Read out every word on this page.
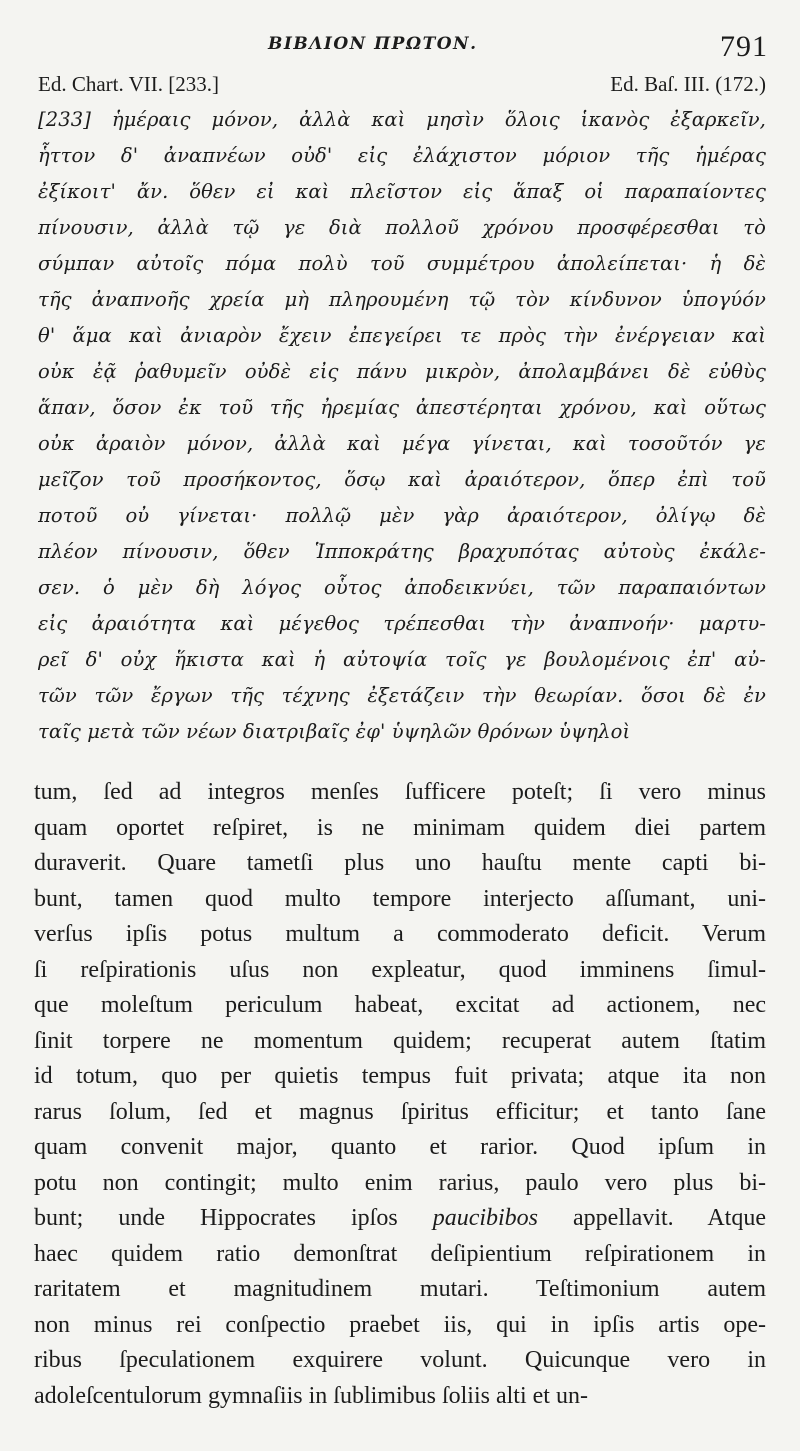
ΒΙΒΛΙΟΝ ΠΡΩΤΟΝ.	791
Ed. Chart. VII. [233.]	Ed. Baſ. III. (172.)
[233] ἡμέραις μόνον, ἀλλὰ καὶ μησὶν ὅλοις ἱκανὸς ἐξαρκεῖν,
ἧττον δ' ἀναπνέων οὐδ' εἰς ἐλάχιστον μόριον τῆς ἡμέρας
ἐξίκοιτ' ἄν. ὅθεν εἰ καὶ πλεῖστον εἰς ἅπαξ οἱ παραπαίοντες
πίνουσιν, ἀλλὰ τῷ γε διὰ πολλοῦ χρόνου προσφέρεσθαι τὸ
σύμπαν αὐτοῖς πόμα πολὺ τοῦ συμμέτρου ἀπολείπεται· ἡ δὲ
τῆς ἀναπνοῆς χρεία μὴ πληρουμένη τῷ τὸν κίνδυνον ὑπογύόν
θ' ἅμα καὶ ἀνιαρὸν ἔχειν ἐπεγείρει τε πρὸς τὴν ἐνέργειαν καὶ
οὐκ ἐᾷ ῥαθυμεῖν οὐδὲ εἰς πάνυ μικρὸν, ἀπολαμβάνει δὲ εὐθὺς
ἅπαν, ὅσον ἐκ τοῦ τῆς ἠρεμίας ἀπεστέρηται χρόνου, καὶ οὕτως
οὐκ ἀραιὸν μόνον, ἀλλὰ καὶ μέγα γίνεται, καὶ τοσοῦτόν γε
μεῖζον τοῦ προσήκοντος, ὅσῳ καὶ ἀραιότερον, ὅπερ ἐπὶ τοῦ
ποτοῦ οὐ γίνεται· πολλῷ μὲν γὰρ ἀραιότερον, ὀλίγῳ δὲ
πλέον πίνουσιν, ὅθεν Ἱπποκράτης βραχυπότας αὐτοὺς ἐκάλε-
σεν. ὁ μὲν δὴ λόγος οὗτος ἀποδεικνύει, τῶν παραπαιόντων
εἰς ἀραιότητα καὶ μέγεθος τρέπεσθαι τὴν ἀναπνοήν· μαρτυ-
ρεῖ δ' οὐχ ἥκιστα καὶ ἡ αὐτοψία τοῖς γε βουλομένοις ἐπ' αὐ-
τῶν τῶν ἔργων τῆς τέχνης ἐξετάζειν τὴν θεωρίαν. ὅσοι δὲ ἐν
ταῖς μετὰ τῶν νέων διατριβαῖς ἐφ' ὑψηλῶν θρόνων ὑψηλοὶ
tum, ſed ad integros menſes ſufficere poteſt; ſi vero minus
quam oportet reſpiret, is ne minimam quidem diei partem
duraverit. Quare tametſi plus uno hauſtu mente capti bi-
bunt, tamen quod multo tempore interjecto aſſumant, uni-
verſus ipſis potus multum a commoderato deficit. Verum
ſi reſpirationis uſus non expleatur, quod imminens ſimul-
que moleſtum periculum habeat, excitat ad actionem, nec
ſinit torpere ne momentum quidem; recuperat autem ſtatim
id totum, quo per quietis tempus fuit privata; atque ita non
rarus ſolum, ſed et magnus ſpiritus efficitur; et tanto ſane
quam convenit major, quanto et rarior. Quod ipſum in
potu non contingit; multo enim rarius, paulo vero plus bi-
bunt; unde Hippocrates ipſos paucibibos appellavit. Atque
haec quidem ratio demonſtrat deſipientium reſpirationem in
raritatem et magnitudinem mutari. Teſtimonium autem
non minus rei conſpectio praebet iis, qui in ipſis artis ope-
ribus ſpeculationem exquirere volunt. Quicunque vero in
adoleſcentulorum gymnaſiis in ſublimibus ſoliis alti et un-
